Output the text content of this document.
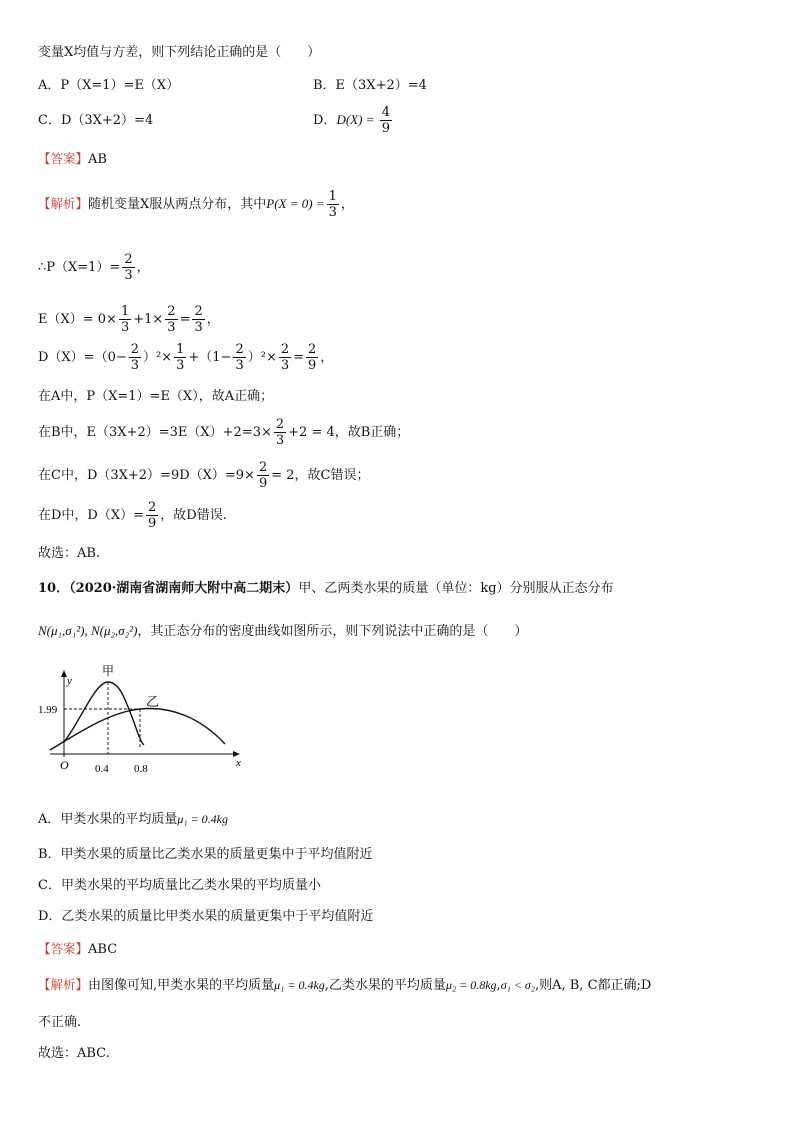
变量X均值与方差，则下列结论正确的是（　　）
A．P（X=1）=E（X）	B．E（3X+2）=4
C．D（3X+2）=4	D．$D(X) = \frac{4}{9}$
【答案】AB
【解析】随机变量X服从两点分布，其中$P(X = 0) = \frac{1}{3}$ ，
∴P（X=1）= $\frac{2}{3}$ ，
$E(X)= 0\times \frac{1}{3} +1\times \frac{2}{3} = \frac{2}{3}$ ，
$D(X)=(0- \frac{2}{3} )^2\times \frac{1}{3} +(1- \frac{2}{3} )^2\times \frac{2}{3} = \frac{2}{9}$ ，
在A中，P（X=1）=E（X），故A正确；
在B中，$E(3X+2)=3E(X)+2=3\times \frac{2}{3} +2 = 4$，故B正确；
在C中，$D(3X+2)=9D(X)=9\times \frac{2}{9} = 2$，故C错误；
在D中，$D(X)= \frac{2}{9}$ ，故D错误.
故选：AB.
10．（2020·湖南省湖南师大附中高二期末）甲、乙两类水果的质量（单位：kg）分别服从正态分布
N(μ₁,σ₁²), N(μ₂,σ₂²)，其正态分布的密度曲线如图所示，则下列说法中正确的是（　　）
y
x
O
甲
乙
1.99
0.4 0.8
A．甲类水果的平均质量μ₁ = 0.4kg
B．甲类水果的质量比乙类水果的质量更集中于平均值附近
C．甲类水果的平均质量比乙类水果的平均质量小
D．乙类水果的质量比甲类水果的质量更集中于平均值附近
【答案】ABC
【解析】由图像可知,甲类水果的平均质量μ₁ = 0.4kg,乙类水果的平均质量μ₂ = 0.8kg,σ₁ < σ₂,则A, B, C都正确;D
不正确.
故选：ABC.
